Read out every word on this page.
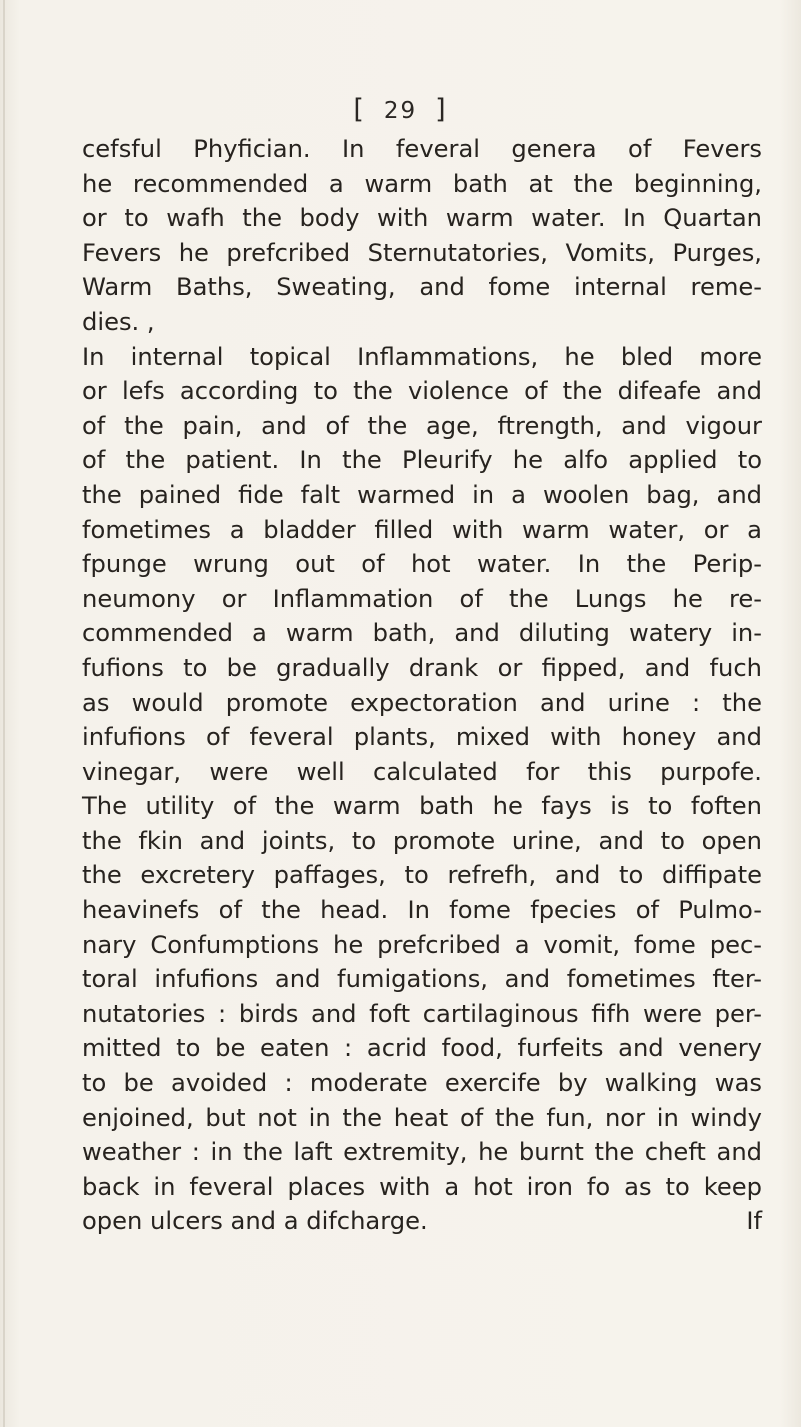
[ 29 ]
cefsful Phyfician. In feveral genera of Fevers
he recommended a warm bath at the beginning,
or to wafh the body with warm water. In Quartan
Fevers he prefcribed Sternutatories, Vomits, Purges,
Warm Baths, Sweating, and fome internal reme-
dies. ,
In internal topical Inflammations, he bled more
or lefs according to the violence of the difeafe and
of the pain, and of the age, ftrength, and vigour
of the patient. In the Pleurify he alfo applied to
the pained fide falt warmed in a woolen bag, and
fometimes a bladder filled with warm water, or a
fpunge wrung out of hot water. In the Perip-
neumony or Inflammation of the Lungs he re-
commended a warm bath, and diluting watery in-
fufions to be gradually drank or fipped, and fuch
as would promote expectoration and urine : the
infufions of feveral plants, mixed with honey and
vinegar, were well calculated for this purpofe.
The utility of the warm bath he fays is to foften
the fkin and joints, to promote urine, and to open
the excretery paffages, to refrefh, and to diffipate
heavinefs of the head. In fome fpecies of Pulmo-
nary Confumptions he prefcribed a vomit, fome pec-
toral infufions and fumigations, and fometimes fter-
nutatories : birds and foft cartilaginous fifh were per-
mitted to be eaten : acrid food, furfeits and venery
to be avoided : moderate exercife by walking was
enjoined, but not in the heat of the fun, nor in windy
weather : in the laft extremity, he burnt the cheft and
back in feveral places with a hot iron fo as to keep
open ulcers and a difcharge.	If
